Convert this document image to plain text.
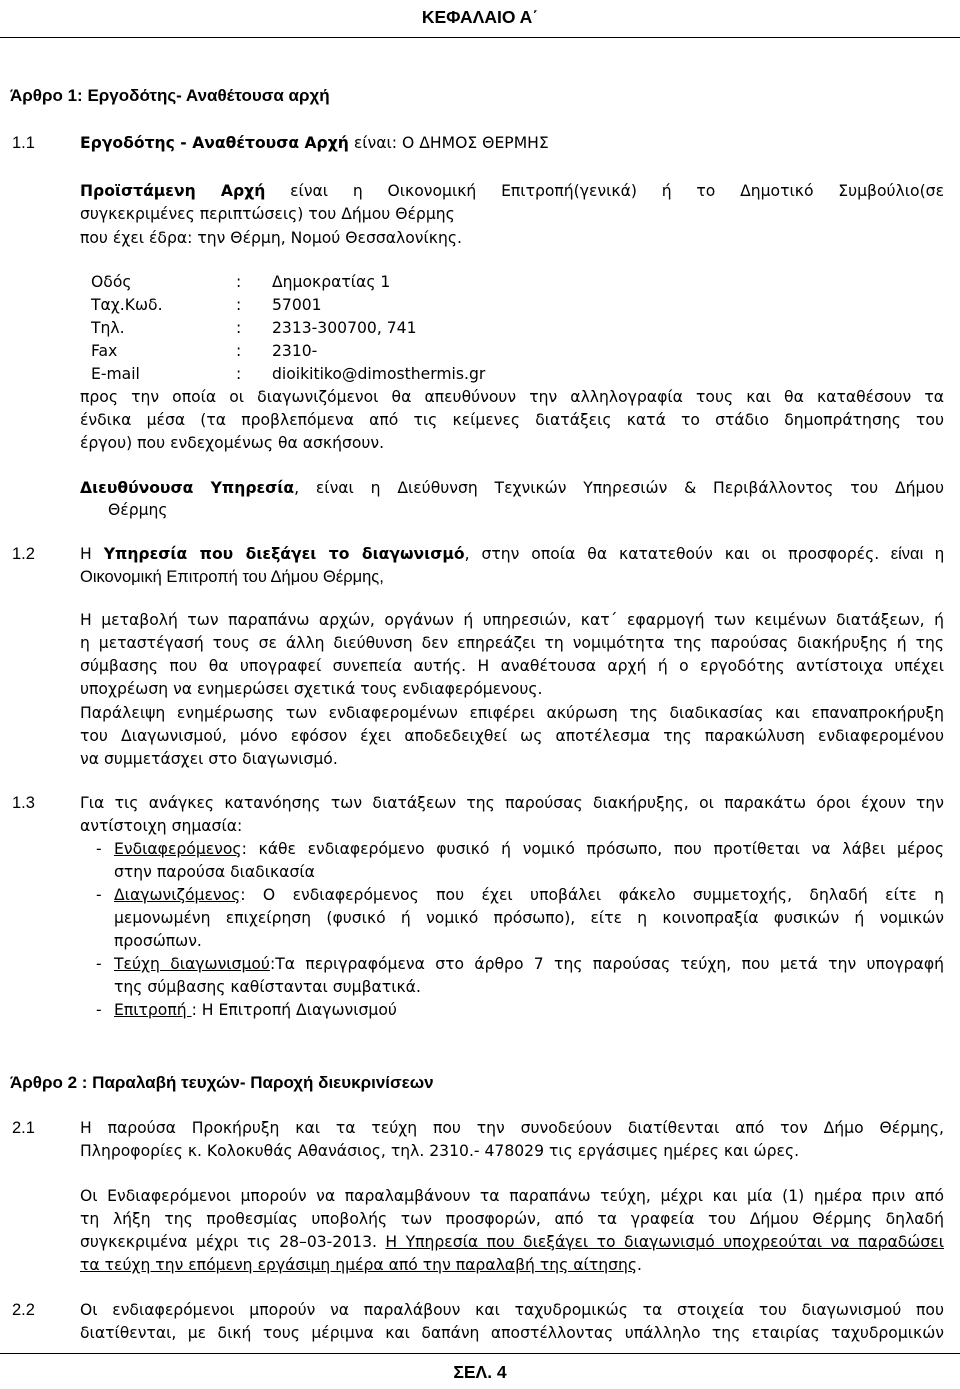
ΚΕΦΑΛΑΙΟ Α΄
Άρθρο 1: Εργοδότης- Αναθέτουσα αρχή
1.1	Εργοδότης - Αναθέτουσα Αρχή είναι: Ο ΔΗΜΟΣ ΘΕΡΜΗΣ
Προϊστάμενη Αρχή είναι η Οικονομική Επιτροπή(γενικά) ή το Δημοτικό Συμβούλιο(σε
συγκεκριμένες περιπτώσεις) του Δήμου Θέρμης
που έχει έδρα: την Θέρμη, Νομού Θεσσαλονίκης.
Οδός	: Δημοκρατίας 1
Ταχ.Κωδ.	: 57001
Τηλ.	: 2313-300700, 741
Fax	: 2310-
E-mail	: dioikitiko@dimosthermis.gr
προς την οποία οι διαγωνιζόμενοι θα απευθύνουν την αλληλογραφία τους και θα καταθέσουν τα
ένδικα μέσα (τα προβλεπόμενα από τις κείμενες διατάξεις κατά το στάδιο δημοπράτησης του
έργου) που ενδεχομένως θα ασκήσουν.
Διευθύνουσα Υπηρεσία, είναι η Διεύθυνση Τεχνικών Υπηρεσιών & Περιβάλλοντος του Δήμου
Θέρμης
1.2	Η Υπηρεσία που διεξάγει το διαγωνισμό, στην οποία θα κατατεθούν και οι προσφορές. είναι η
Οικονομική Επιτροπή του Δήμου Θέρμης,
Η μεταβολή των παραπάνω αρχών, οργάνων ή υπηρεσιών, κατ΄ εφαρμογή των κειμένων διατάξεων, ή
η μεταστέγασή τους σε άλλη διεύθυνση δεν επηρεάζει τη νομιμότητα της παρούσας διακήρυξης ή της
σύμβασης που θα υπογραφεί συνεπεία αυτής. Η αναθέτουσα αρχή ή ο εργοδότης αντίστοιχα υπέχει
υποχρέωση να ενημερώσει σχετικά τους ενδιαφερόμενους.
Παράλειψη ενημέρωσης των ενδιαφερομένων επιφέρει ακύρωση της διαδικασίας και επαναπροκήρυξη
του Διαγωνισμού, μόνο εφόσον έχει αποδεδειχθεί ως αποτέλεσμα της παρακώλυση ενδιαφερομένου
να συμμετάσχει στο διαγωνισμό.
1.3	Για τις ανάγκες κατανόησης των διατάξεων της παρούσας διακήρυξης, οι παρακάτω όροι έχουν την
αντίστοιχη σημασία:
- Ενδιαφερόμενος: κάθε ενδιαφερόμενο φυσικό ή νομικό πρόσωπο, που προτίθεται να λάβει μέρος
στην παρούσα διαδικασία
- Διαγωνιζόμενος: Ο ενδιαφερόμενος που έχει υποβάλει φάκελο συμμετοχής, δηλαδή είτε η
μεμονωμένη επιχείρηση (φυσικό ή νομικό πρόσωπο), είτε η κοινοπραξία φυσικών ή νομικών
προσώπων.
- Τεύχη διαγωνισμού:Τα περιγραφόμενα στο άρθρο 7 της παρούσας τεύχη, που μετά την υπογραφή
της σύμβασης καθίστανται συμβατικά.
- Επιτροπή : Η Επιτροπή Διαγωνισμού
Άρθρο 2 : Παραλαβή τευχών- Παροχή διευκρινίσεων
2.1	Η παρούσα Προκήρυξη και τα τεύχη που την συνοδεύουν διατίθενται από τον Δήμο Θέρμης,
Πληροφορίες κ. Κολοκυθάς Αθανάσιος, τηλ. 2310.- 478029 τις εργάσιμες ημέρες και ώρες.
Οι Ενδιαφερόμενοι μπορούν να παραλαμβάνουν τα παραπάνω τεύχη, μέχρι και μία (1) ημέρα πριν από
τη λήξη της προθεσμίας υποβολής των προσφορών, από τα γραφεία του Δήμου Θέρμης δηλαδή
συγκεκριμένα μέχρι τις 28–03-2013. Η Υπηρεσία που διεξάγει το διαγωνισμό υποχρεούται να παραδώσει
τα τεύχη την επόμενη εργάσιμη ημέρα από την παραλαβή της αίτησης.
2.2	Οι ενδιαφερόμενοι μπορούν να παραλάβουν και ταχυδρομικώς τα στοιχεία του διαγωνισμού που
διατίθενται, με δική τους μέριμνα και δαπάνη αποστέλλοντας υπάλληλο της εταιρίας ταχυδρομικών
ΣΕΛ. 4
